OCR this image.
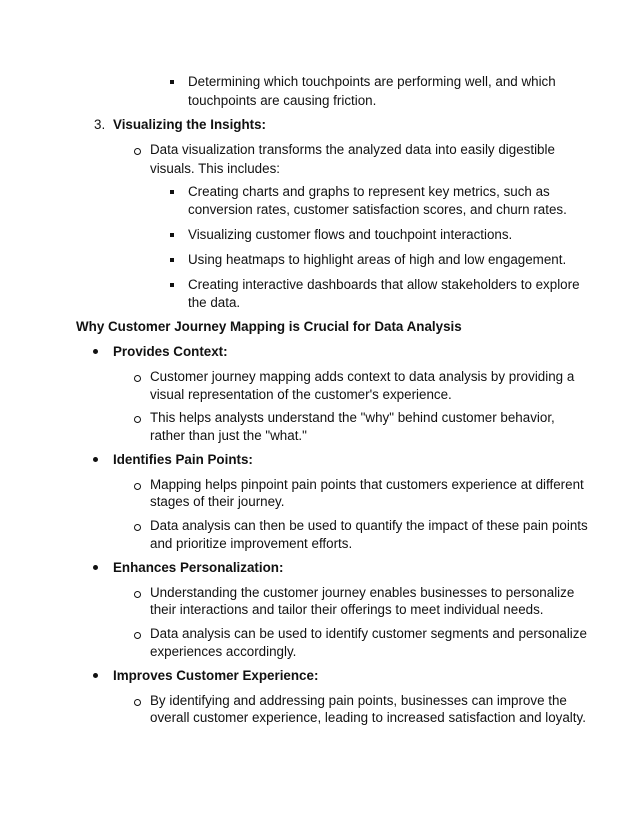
Determining which touchpoints are performing well, and which
touchpoints are causing friction.
3. Visualizing the Insights:
Data visualization transforms the analyzed data into easily digestible
visuals. This includes:
Creating charts and graphs to represent key metrics, such as
conversion rates, customer satisfaction scores, and churn rates.
Visualizing customer flows and touchpoint interactions.
Using heatmaps to highlight areas of high and low engagement.
Creating interactive dashboards that allow stakeholders to explore
the data.
Why Customer Journey Mapping is Crucial for Data Analysis
Provides Context:
Customer journey mapping adds context to data analysis by providing a
visual representation of the customer's experience.
This helps analysts understand the "why" behind customer behavior,
rather than just the "what."
Identifies Pain Points:
Mapping helps pinpoint pain points that customers experience at different
stages of their journey.
Data analysis can then be used to quantify the impact of these pain points
and prioritize improvement efforts.
Enhances Personalization:
Understanding the customer journey enables businesses to personalize
their interactions and tailor their offerings to meet individual needs.
Data analysis can be used to identify customer segments and personalize
experiences accordingly.
Improves Customer Experience:
By identifying and addressing pain points, businesses can improve the
overall customer experience, leading to increased satisfaction and loyalty.
